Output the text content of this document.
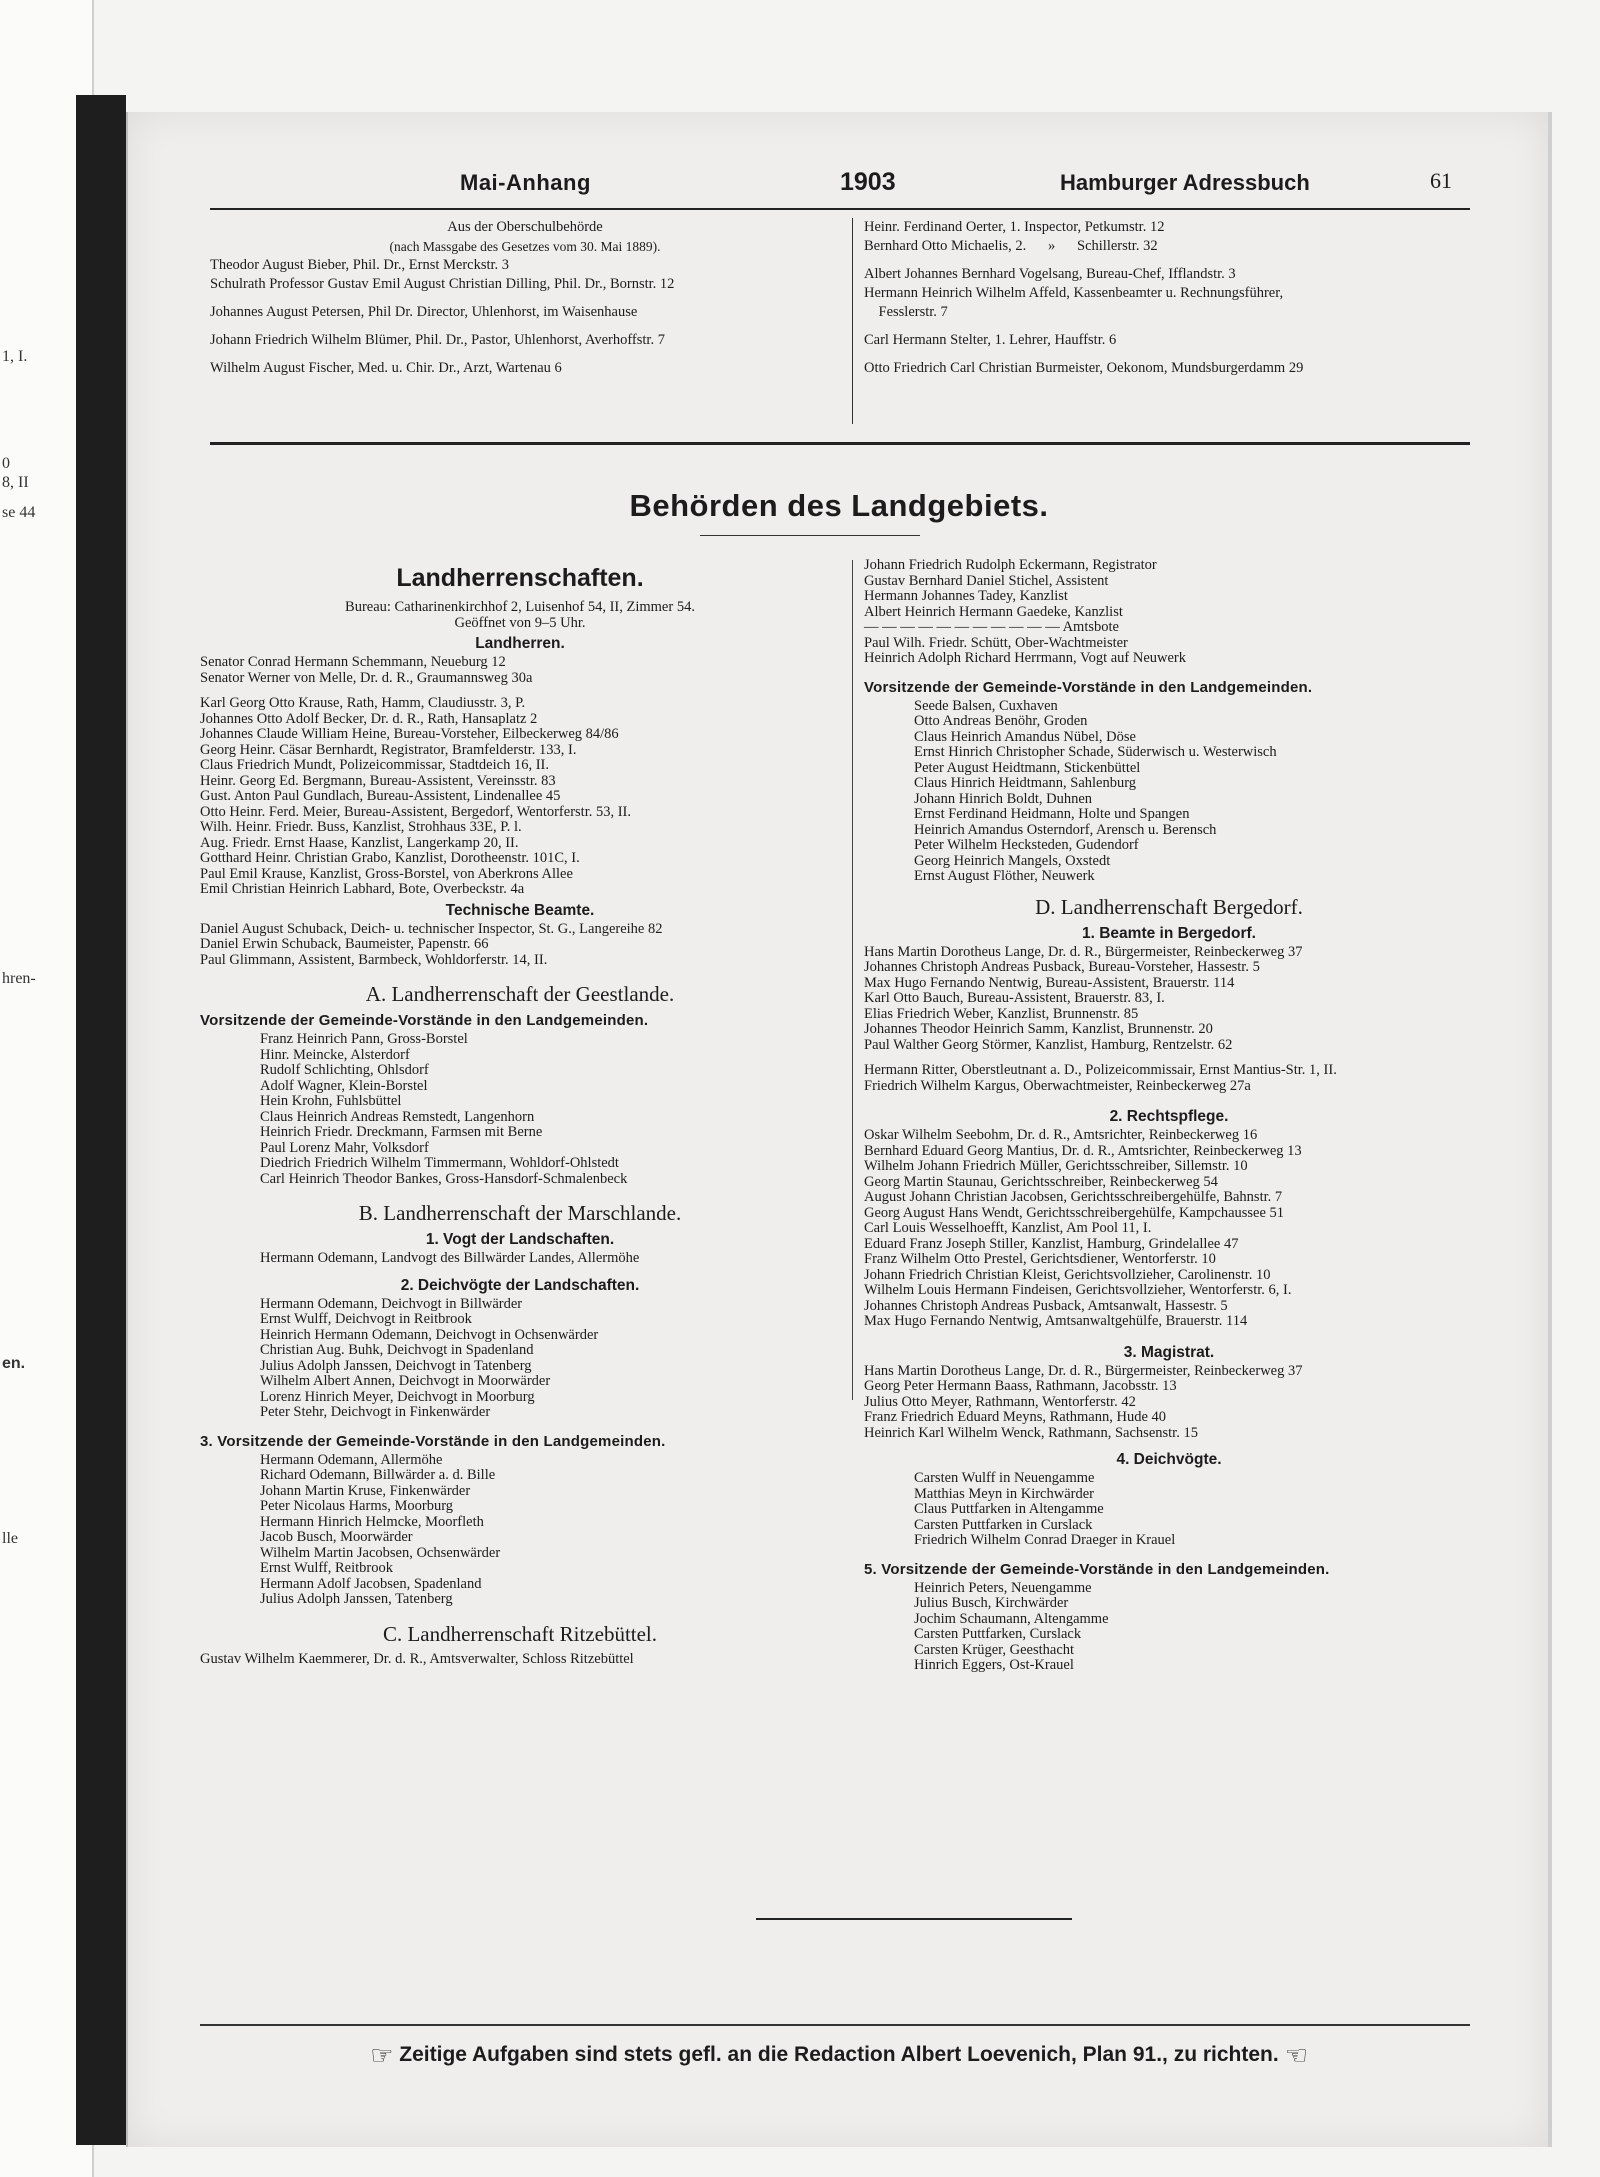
1, I.
0
8, II
se 44
hren-
en.
lle
Mai-Anhang	1903	Hamburger Adressbuch	61
Aus der Oberschulbehörde
(nach Massgabe des Gesetzes vom 30. Mai 1889).
Theodor August Bieber, Phil. Dr., Ernst Merckstr. 3
Schulrath Professor Gustav Emil August Christian Dilling, Phil. Dr., Bornstr. 12
Johannes August Petersen, Phil Dr. Director, Uhlenhorst, im Waisenhause
Johann Friedrich Wilhelm Blümer, Phil. Dr., Pastor, Uhlenhorst, Averhoffstr. 7
Wilhelm August Fischer, Med. u. Chir. Dr., Arzt, Wartenau 6
Heinr. Ferdinand Oerter, 1. Inspector, Petkumstr. 12
Bernhard Otto Michaelis, 2.      »      Schillerstr. 32
Albert Johannes Bernhard Vogelsang, Bureau-Chef, Ifflandstr. 3
Hermann Heinrich Wilhelm Affeld, Kassenbeamter u. Rechnungsführer,
Fesslerstr. 7
Carl Hermann Stelter, 1. Lehrer, Hauffstr. 6
Otto Friedrich Carl Christian Burmeister, Oekonom, Mundsburgerdamm 29
Behörden des Landgebiets.
Landherrenschaften.
Bureau: Catharinenkirchhof 2, Luisenhof 54, II, Zimmer 54.
Geöffnet von 9–5 Uhr.
Landherren.
Senator Conrad Hermann Schemmann, Neueburg 12
Senator Werner von Melle, Dr. d. R., Graumannsweg 30a
Karl Georg Otto Krause, Rath, Hamm, Claudiusstr. 3, P.
Johannes Otto Adolf Becker, Dr. d. R., Rath, Hansaplatz 2
Johannes Claude William Heine, Bureau-Vorsteher, Eilbeckerweg 84/86
Georg Heinr. Cäsar Bernhardt, Registrator, Bramfelderstr. 133, I.
Claus Friedrich Mundt, Polizeicommissar, Stadtdeich 16, II.
Heinr. Georg Ed. Bergmann, Bureau-Assistent, Vereinsstr. 83
Gust. Anton Paul Gundlach, Bureau-Assistent, Lindenallee 45
Otto Heinr. Ferd. Meier, Bureau-Assistent, Bergedorf, Wentorferstr. 53, II.
Wilh. Heinr. Friedr. Buss, Kanzlist, Strohhaus 33E, P. l.
Aug. Friedr. Ernst Haase, Kanzlist, Langerkamp 20, II.
Gotthard Heinr. Christian Grabo, Kanzlist, Dorotheenstr. 101C, I.
Paul Emil Krause, Kanzlist, Gross-Borstel, von Aberkrons Allee
Emil Christian Heinrich Labhard, Bote, Overbeckstr. 4a
Technische Beamte.
Daniel August Schuback, Deich- u. technischer Inspector, St. G., Langereihe 82
Daniel Erwin Schuback, Baumeister, Papenstr. 66
Paul Glimmann, Assistent, Barmbeck, Wohldorferstr. 14, II.
A. Landherrenschaft der Geestlande.
Vorsitzende der Gemeinde-Vorstände in den Landgemeinden.
Franz Heinrich Pann, Gross-Borstel
Hinr. Meincke, Alsterdorf
Rudolf Schlichting, Ohlsdorf
Adolf Wagner, Klein-Borstel
Hein Krohn, Fuhlsbüttel
Claus Heinrich Andreas Remstedt, Langenhorn
Heinrich Friedr. Dreckmann, Farmsen mit Berne
Paul Lorenz Mahr, Volksdorf
Diedrich Friedrich Wilhelm Timmermann, Wohldorf-Ohlstedt
Carl Heinrich Theodor Bankes, Gross-Hansdorf-Schmalenbeck
B. Landherrenschaft der Marschlande.
1. Vogt der Landschaften.
Hermann Odemann, Landvogt des Billwärder Landes, Allermöhe
2. Deichvögte der Landschaften.
Hermann Odemann, Deichvogt in Billwärder
Ernst Wulff, Deichvogt in Reitbrook
Heinrich Hermann Odemann, Deichvogt in Ochsenwärder
Christian Aug. Buhk, Deichvogt in Spadenland
Julius Adolph Janssen, Deichvogt in Tatenberg
Wilhelm Albert Annen, Deichvogt in Moorwärder
Lorenz Hinrich Meyer, Deichvogt in Moorburg
Peter Stehr, Deichvogt in Finkenwärder
3. Vorsitzende der Gemeinde-Vorstände in den Landgemeinden.
Hermann Odemann, Allermöhe
Richard Odemann, Billwärder a. d. Bille
Johann Martin Kruse, Finkenwärder
Peter Nicolaus Harms, Moorburg
Hermann Hinrich Helmcke, Moorfleth
Jacob Busch, Moorwärder
Wilhelm Martin Jacobsen, Ochsenwärder
Ernst Wulff, Reitbrook
Hermann Adolf Jacobsen, Spadenland
Julius Adolph Janssen, Tatenberg
C. Landherrenschaft Ritzebüttel.
Gustav Wilhelm Kaemmerer, Dr. d. R., Amtsverwalter, Schloss Ritzebüttel
Johann Friedrich Rudolph Eckermann, Registrator
Gustav Bernhard Daniel Stichel, Assistent
Hermann Johannes Tadey, Kanzlist
Albert Heinrich Hermann Gaedeke, Kanzlist
— — — — — — — — — — — Amtsbote
Paul Wilh. Friedr. Schütt, Ober-Wachtmeister
Heinrich Adolph Richard Herrmann, Vogt auf Neuwerk
Vorsitzende der Gemeinde-Vorstände in den Landgemeinden.
Seede Balsen, Cuxhaven
Otto Andreas Benöhr, Groden
Claus Heinrich Amandus Nübel, Döse
Ernst Hinrich Christopher Schade, Süderwisch u. Westerwisch
Peter August Heidtmann, Stickenbüttel
Claus Hinrich Heidtmann, Sahlenburg
Johann Hinrich Boldt, Duhnen
Ernst Ferdinand Heidmann, Holte und Spangen
Heinrich Amandus Osterndorf, Arensch u. Berensch
Peter Wilhelm Hecksteden, Gudendorf
Georg Heinrich Mangels, Oxstedt
Ernst August Flöther, Neuwerk
D. Landherrenschaft Bergedorf.
1. Beamte in Bergedorf.
Hans Martin Dorotheus Lange, Dr. d. R., Bürgermeister, Reinbeckerweg 37
Johannes Christoph Andreas Pusback, Bureau-Vorsteher, Hassestr. 5
Max Hugo Fernando Nentwig, Bureau-Assistent, Brauerstr. 114
Karl Otto Bauch, Bureau-Assistent, Brauerstr. 83, I.
Elias Friedrich Weber, Kanzlist, Brunnenstr. 85
Johannes Theodor Heinrich Samm, Kanzlist, Brunnenstr. 20
Paul Walther Georg Störmer, Kanzlist, Hamburg, Rentzelstr. 62
Hermann Ritter, Oberstleutnant a. D., Polizeicommissair, Ernst Mantius-Str. 1, II.
Friedrich Wilhelm Kargus, Oberwachtmeister, Reinbeckerweg 27a
2. Rechtspflege.
Oskar Wilhelm Seebohm, Dr. d. R., Amtsrichter, Reinbeckerweg 16
Bernhard Eduard Georg Mantius, Dr. d. R., Amtsrichter, Reinbeckerweg 13
Wilhelm Johann Friedrich Müller, Gerichtsschreiber, Sillemstr. 10
Georg Martin Staunau, Gerichtsschreiber, Reinbeckerweg 54
August Johann Christian Jacobsen, Gerichtsschreibergehülfe, Bahnstr. 7
Georg August Hans Wendt, Gerichtsschreibergehülfe, Kampchaussee 51
Carl Louis Wesselhoefft, Kanzlist, Am Pool 11, I.
Eduard Franz Joseph Stiller, Kanzlist, Hamburg, Grindelallee 47
Franz Wilhelm Otto Prestel, Gerichtsdiener, Wentorferstr. 10
Johann Friedrich Christian Kleist, Gerichtsvollzieher, Carolinenstr. 10
Wilhelm Louis Hermann Findeisen, Gerichtsvollzieher, Wentorferstr. 6, I.
Johannes Christoph Andreas Pusback, Amtsanwalt, Hassestr. 5
Max Hugo Fernando Nentwig, Amtsanwaltgehülfe, Brauerstr. 114
3. Magistrat.
Hans Martin Dorotheus Lange, Dr. d. R., Bürgermeister, Reinbeckerweg 37
Georg Peter Hermann Baass, Rathmann, Jacobsstr. 13
Julius Otto Meyer, Rathmann, Wentorferstr. 42
Franz Friedrich Eduard Meyns, Rathmann, Hude 40
Heinrich Karl Wilhelm Wenck, Rathmann, Sachsenstr. 15
4. Deichvögte.
Carsten Wulff in Neuengamme
Matthias Meyn in Kirchwärder
Claus Puttfarken in Altengamme
Carsten Puttfarken in Curslack
Friedrich Wilhelm Conrad Draeger in Krauel
5. Vorsitzende der Gemeinde-Vorstände in den Landgemeinden.
Heinrich Peters, Neuengamme
Julius Busch, Kirchwärder
Jochim Schaumann, Altengamme
Carsten Puttfarken, Curslack
Carsten Krüger, Geesthacht
Hinrich Eggers, Ost-Krauel
☞ Zeitige Aufgaben sind stets gefl. an die Redaction Albert Loevenich, Plan 91., zu richten. ☜
